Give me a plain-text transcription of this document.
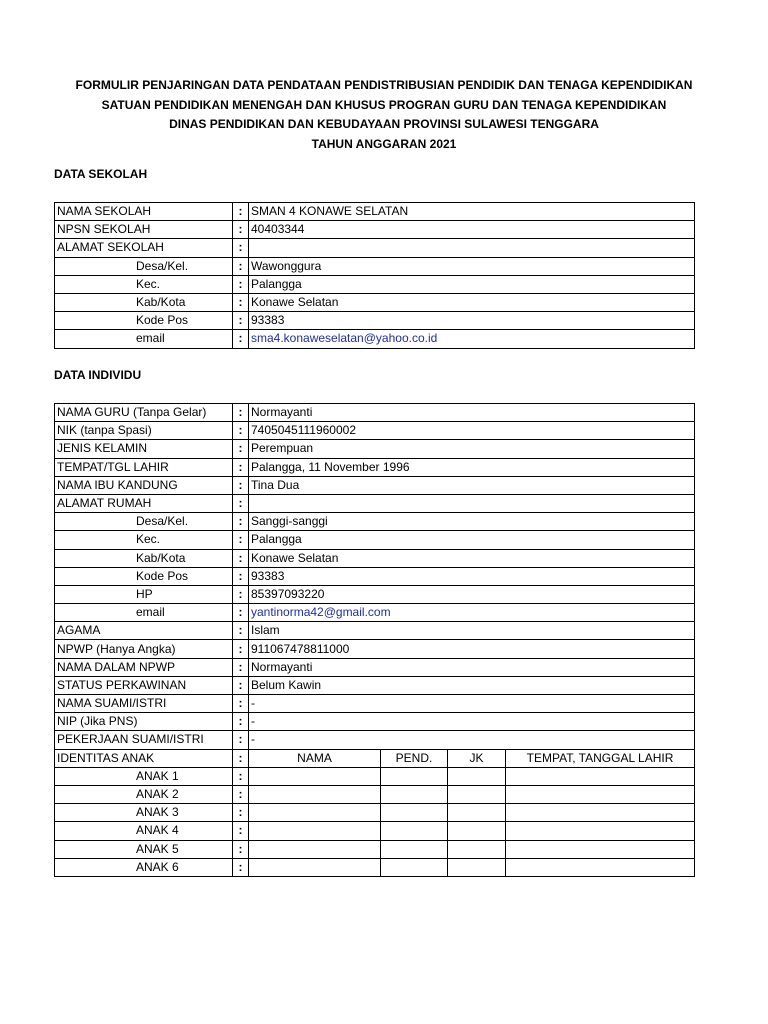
FORMULIR PENJARINGAN DATA PENDATAAN PENDISTRIBUSIAN PENDIDIK DAN TENAGA KEPENDIDIKAN
SATUAN PENDIDIKAN MENENGAH DAN KHUSUS PROGRAN GURU DAN TENAGA KEPENDIDIKAN
DINAS PENDIDIKAN DAN KEBUDAYAAN PROVINSI SULAWESI TENGGARA
TAHUN ANGGARAN 2021
DATA SEKOLAH
NAMA SEKOLAH	:	SMAN 4 KONAWE SELATAN
NPSN SEKOLAH	:	40403344
ALAMAT SEKOLAH	:	
Desa/Kel.	:	Wawonggura
Kec.	:	Palangga
Kab/Kota	:	Konawe Selatan
Kode Pos	:	93383
email	:	sma4.konaweselatan@yahoo.co.id
DATA INDIVIDU
NAMA GURU (Tanpa Gelar)	:	Normayanti			
NIK (tanpa Spasi)	:	7405045111960002			
JENIS KELAMIN	:	Perempuan			
TEMPAT/TGL LAHIR	:	Palangga, 11 November 1996			
NAMA IBU KANDUNG	:	Tina Dua			
ALAMAT RUMAH	:				
Desa/Kel.	:	Sanggi-sanggi			
Kec.	:	Palangga			
Kab/Kota	:	Konawe Selatan			
Kode Pos	:	93383			
HP	:	85397093220			
email	:	yantinorma42@gmail.com			
AGAMA	:	Islam			
NPWP (Hanya Angka)	:	911067478811000			
NAMA DALAM NPWP	:	Normayanti			
STATUS PERKAWINAN	:	Belum Kawin			
NAMA SUAMI/ISTRI	:	-			
NIP (Jika PNS)	:	-			
PEKERJAAN SUAMI/ISTRI	:	-			
IDENTITAS ANAK	:	NAMA	PEND.	JK	TEMPAT, TANGGAL LAHIR
ANAK 1	:				
ANAK 2	:				
ANAK 3	:				
ANAK 4	:				
ANAK 5	:				
ANAK 6	:				
